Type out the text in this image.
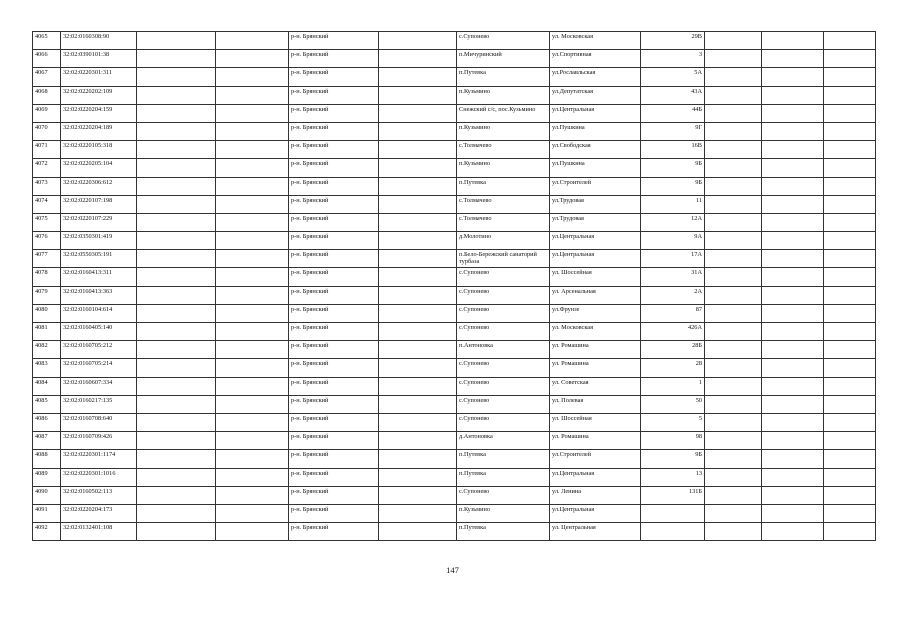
4065	32:02:0160308:90			р-н. Брянский		с.Супонево	ул. Московская	29В			
4066	32:02:0390101:38			р-н. Брянский		п.Мичуринский	ул.Спортивная	3			
4067	32:02:0220301:311			р-н. Брянский		п.Путевка	ул.Рославльская	5А			
4068	32:02:0220202:109			р-н. Брянский		п.Кузьмино	ул.Депутатская	43А			
4069	32:02:0220204:159			р-н. Брянский		Снежский с/с, пос.Кузьмино	ул.Центральная	44Б			
4070	32:02:0220204:189			р-н. Брянский		п.Кузьмино	ул.Пушкина	9Г			
4071	32:02:0220105:318			р-н. Брянский		с.Толмачево	ул.Свободская	16В			
4072	32:02:0220205:104			р-н. Брянский		п.Кузьмино	ул.Пушкина	9Б			
4073	32:02:0220306:612			р-н. Брянский		п.Путевка	ул.Строителей	9Б			
4074	32:02:0220107:198			р-н. Брянский		с.Толмачево	ул.Трудовая	11			
4075	32:02:0220107:229			р-н. Брянский		с.Толмачево	ул.Трудовая	12А			
4076	32:02:0350301:419			р-н. Брянский		д.Молотино	ул.Центральная	9А			
4077	32:02:0550305:191			р-н. Брянский		п.Бело-Бережский санаторий турбаза	ул.Центральная	17А			
4078	32:02:0160413:311			р-н. Брянский		с.Супонево	ул. Шоссейная	31А			
4079	32:02:0160413:363			р-н. Брянский		с.Супонево	ул. Арсенальная	2А			
4080	32:02:0160104:614			р-н. Брянский		с.Супонево	ул.Фрунзе	87			
4081	32:02:0160405:140			р-н. Брянский		с.Супонево	ул. Московская	426А			
4082	32:02:0160705:212			р-н. Брянский		п.Антоновка	ул. Ромашина	28Б			
4083	32:02:0160705:214			р-н. Брянский		с.Супонево	ул. Ромашина	28			
4084	32:02:0160607:334			р-н. Брянский		с.Супонево	ул. Советская	1			
4085	32:02:0160217:135			р-н. Брянский		с.Супонево	ул. Полевая	50			
4086	32:02:0160708:640			р-н. Брянский		с.Супонево	ул. Шоссейная	5			
4087	32:02:0160709:426			р-н. Брянский		д.Антоновка	ул. Ромашина	98			
4088	32:02:0220301:1174			р-н. Брянский		п.Путевка	ул.Строителей	9Б			
4089	32:02:0220301:1016			р-н. Брянский		п.Путевка	ул.Центральная	13			
4090	32:02:0160502:113			р-н. Брянский		с.Супонево	ул. Ленина	131Б			
4091	32:02:0220204:173			р-н. Брянский		п.Кузьмино	ул.Центральная				
4092	32:02:0132401:108			р-н. Брянский		п.Путевка	ул. Центральная				
147
